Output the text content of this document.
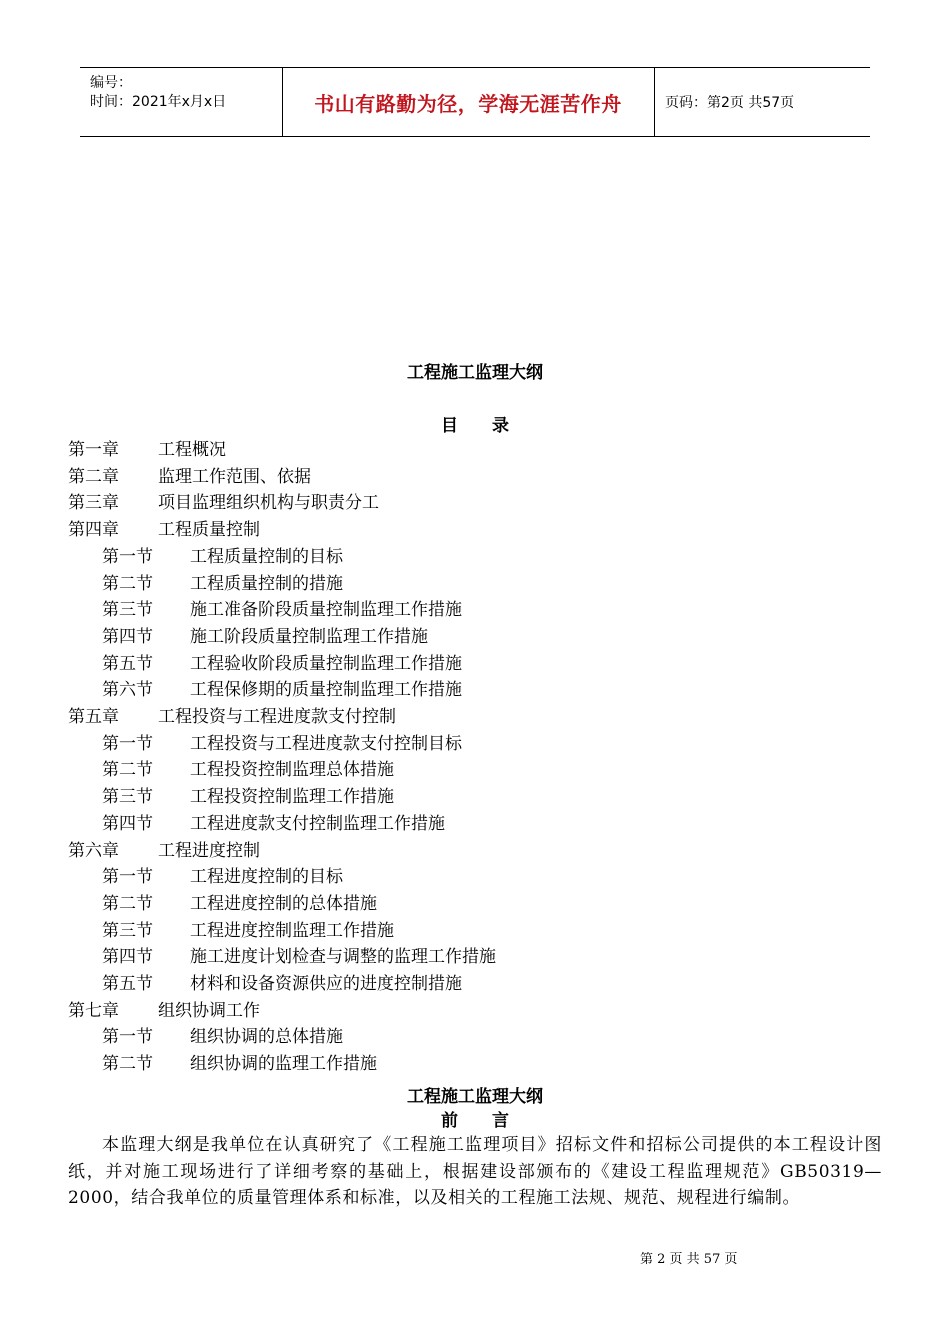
编号：
时间：2021年x月x日	书山有路勤为径，学海无涯苦作舟	页码：第2页 共57页
工程施工监理大纲
目　　录
第一章 工程概况
第二章 监理工作范围、依据
第三章 项目监理组织机构与职责分工
第四章 工程质量控制
第一节 工程质量控制的目标
第二节 工程质量控制的措施
第三节 施工准备阶段质量控制监理工作措施
第四节 施工阶段质量控制监理工作措施
第五节 工程验收阶段质量控制监理工作措施
第六节 工程保修期的质量控制监理工作措施
第五章 工程投资与工程进度款支付控制
第一节 工程投资与工程进度款支付控制目标
第二节 工程投资控制监理总体措施
第三节 工程投资控制监理工作措施
第四节 工程进度款支付控制监理工作措施
第六章 工程进度控制
第一节 工程进度控制的目标
第二节 工程进度控制的总体措施
第三节 工程进度控制监理工作措施
第四节 施工进度计划检查与调整的监理工作措施
第五节 材料和设备资源供应的进度控制措施
第七章 组织协调工作
第一节 组织协调的总体措施
第二节 组织协调的监理工作措施
工程施工监理大纲
前　　言
本监理大纲是我单位在认真研究了《工程施工监理项目》招标文件和招标公司提供的本工程设计图纸，并对施工现场进行了详细考察的基础上，根据建设部颁布的《建设工程监理规范》GB50319—2000，结合我单位的质量管理体系和标准，以及相关的工程施工法规、规范、规程进行编制。
第 2 页 共 57 页
